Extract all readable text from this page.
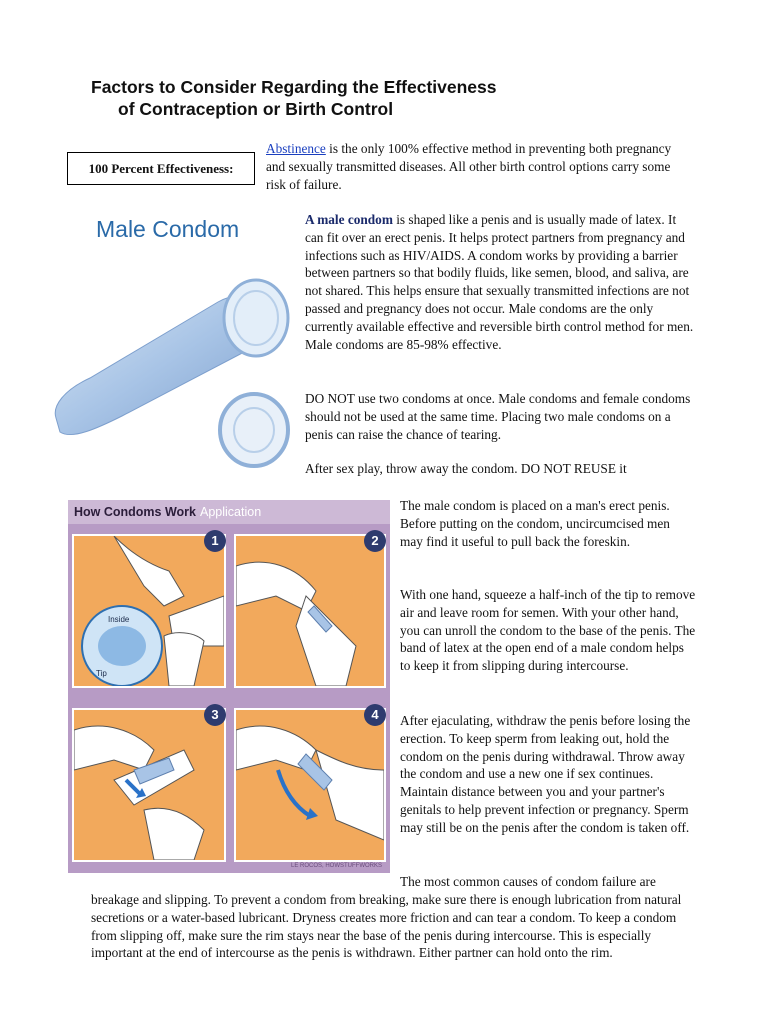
Factors to Consider Regarding the Effectiveness
of Contraception or Birth Control
100 Percent Effectiveness:

Abstinence is the only 100% effective method in preventing both pregnancy and sexually transmitted diseases. All other birth control options carry some risk of failure.

Male Condom	A male condom is shaped like a penis and is usually made of latex. It can fit over an erect penis. It helps protect partners from pregnancy and infections such as HIV/AIDS. A condom works by providing a barrier between partners so that bodily fluids, like semen, blood, and saliva, are not shared. This helps ensure that sexually transmitted infections are not passed and pregnancy does not occur. Male condoms are the only currently available effective and reversible birth control method for men. Male condoms are 85-98% effective.

DO NOT use two condoms at once. Male condoms and female condoms should not be used at the same time. Placing two male condoms on a penis can raise the chance of tearing.

After sex play, throw away the condom. DO NOT REUSE it

How Condoms Work Application
Inside
Tip
1	2
3	4
LE ROCOS, HOWSTUFFWORKS

The male condom is placed on a man's erect penis. Before putting on the condom, uncircumcised men may find it useful to pull back the foreskin.

With one hand, squeeze a half-inch of the tip to remove air and leave room for semen. With your other hand, you can unroll the condom to the base of the penis. The band of latex at the open end of a male condom helps to keep it from slipping during intercourse.

After ejaculating, withdraw the penis before losing the erection. To keep sperm from leaking out, hold the condom on the penis during withdrawal. Throw away the condom and use a new one if sex continues. Maintain distance between you and your partner's genitals to help prevent infection or pregnancy. Sperm may still be on the penis after the condom is taken off.

The most common causes of condom failure are

breakage and slipping. To prevent a condom from breaking, make sure there is enough lubrication from natural secretions or a water-based lubricant. Dryness creates more friction and can tear a condom. To keep a condom from slipping off, make sure the rim stays near the base of the penis during intercourse. This is especially important at the end of intercourse as the penis is withdrawn. Either partner can hold onto the rim.
